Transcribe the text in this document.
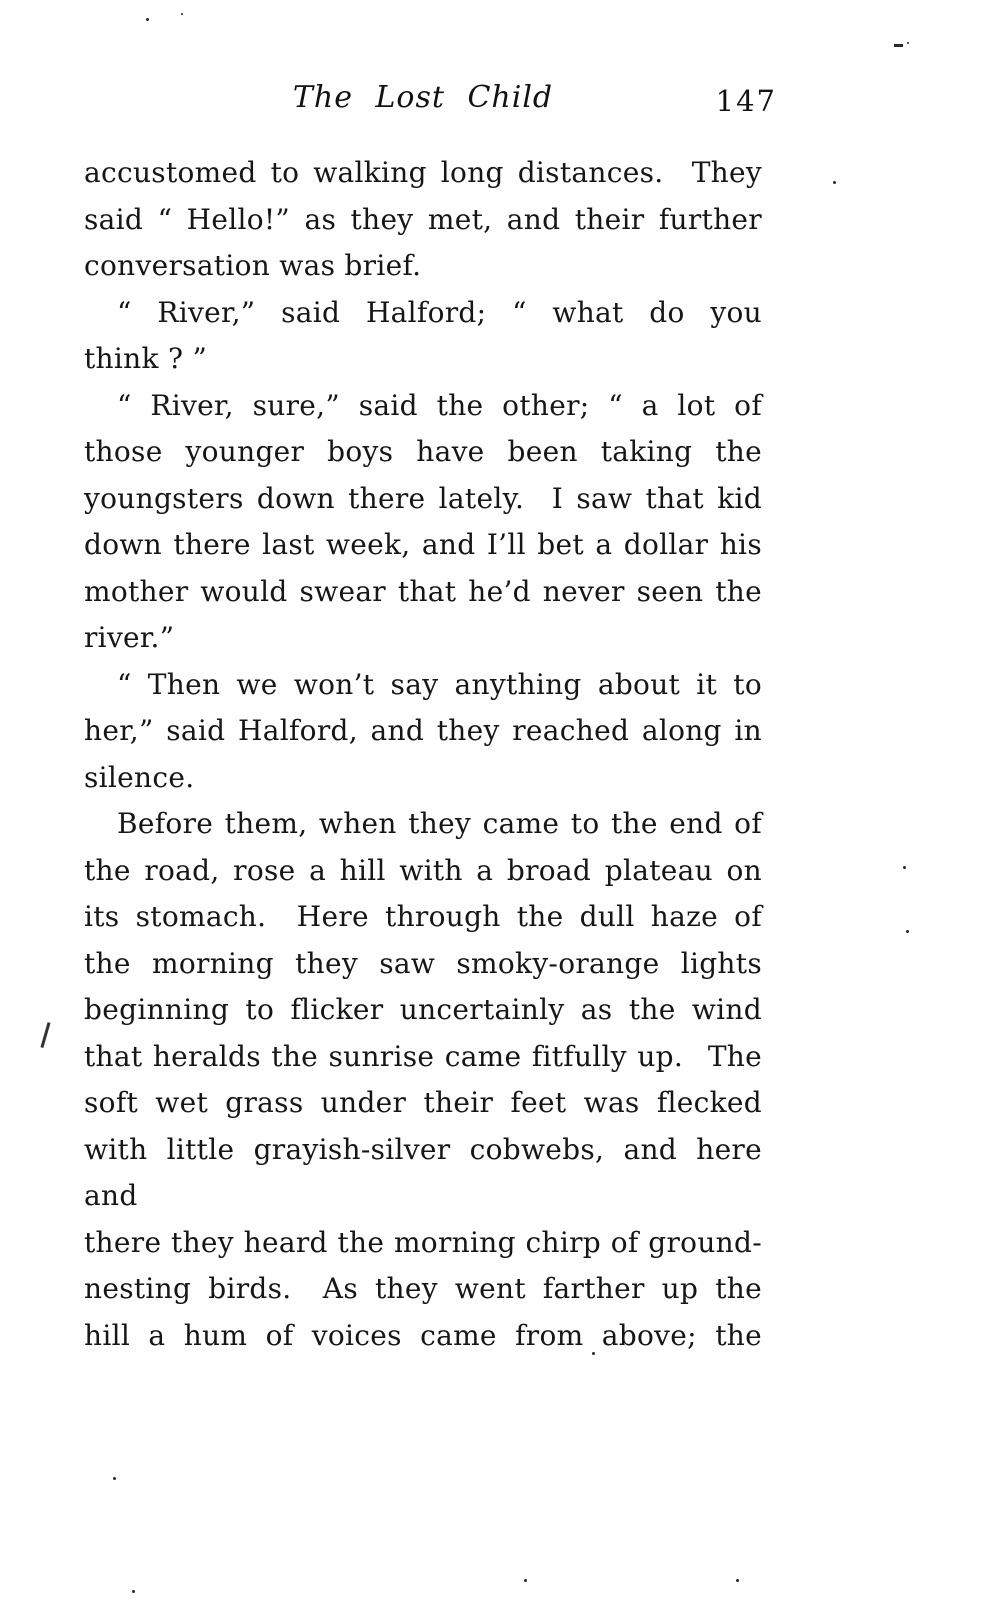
The Lost Child	147
accustomed to walking long distances.  They
said “ Hello!” as they met, and their further
conversation was brief.
“ River,” said Halford; “ what do you
think ? ”
“ River, sure,” said the other; “ a lot of
those younger boys have been taking the
youngsters down there lately.  I saw that kid
down there last week, and I’ll bet a dollar his
mother would swear that he’d never seen the
river.”
“ Then we won’t say anything about it to
her,” said Halford, and they reached along in
silence.
Before them, when they came to the end of
the road, rose a hill with a broad plateau on
its stomach.  Here through the dull haze of
the morning they saw smoky-orange lights
beginning to flicker uncertainly as the wind
that heralds the sunrise came fitfully up.  The
soft wet grass under their feet was flecked
with little grayish-silver cobwebs, and here and
there they heard the morning chirp of ground-
nesting birds.  As they went farther up the
hill a hum of voices came from above; the
